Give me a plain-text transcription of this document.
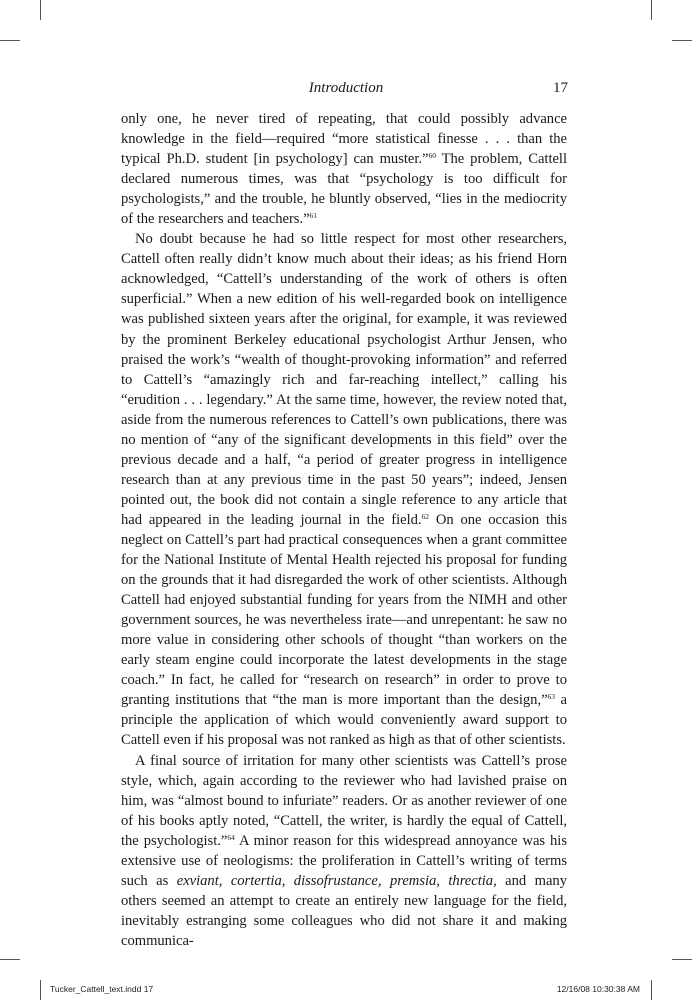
Introduction	17

only one, he never tired of repeating, that could possibly advance knowledge in the field—required “more statistical finesse . . . than the typical Ph.D. student [in psychology] can muster.”$^{60}$ The problem, Cattell declared numerous times, was that “psychology is too difficult for psychologists,” and the trouble, he bluntly observed, “lies in the mediocrity of the researchers and teachers.”$^{61}$

No doubt because he had so little respect for most other researchers, Cattell often really didn’t know much about their ideas; as his friend Horn acknowledged, “Cattell’s understanding of the work of others is often superficial.” When a new edition of his well-regarded book on intelligence was published sixteen years after the original, for example, it was reviewed by the prominent Berkeley educational psychologist Arthur Jensen, who praised the work’s “wealth of thought-provoking information” and referred to Cattell’s “amazingly rich and far-reaching intellect,” calling his “erudition . . . legendary.” At the same time, however, the review noted that, aside from the numerous references to Cattell’s own publications, there was no mention of “any of the significant developments in this field” over the previous decade and a half, “a period of greater progress in intelligence research than at any previous time in the past 50 years”; indeed, Jensen pointed out, the book did not contain a single reference to any article that had appeared in the leading journal in the field.$^{62}$ On one occasion this neglect on Cattell’s part had practical consequences when a grant committee for the National Institute of Mental Health rejected his proposal for funding on the grounds that it had disregarded the work of other scientists. Although Cattell had enjoyed substantial funding for years from the NIMH and other government sources, he was nevertheless irate—and unrepentant: he saw no more value in considering other schools of thought “than workers on the early steam engine could incorporate the latest developments in the stage coach.” In fact, he called for “research on research” in order to prove to granting institutions that “the man is more important than the design,”$^{63}$ a principle the application of which would conveniently award support to Cattell even if his proposal was not ranked as high as that of other scientists.

A final source of irritation for many other scientists was Cattell’s prose style, which, again according to the reviewer who had lavished praise on him, was “almost bound to infuriate” readers. Or as another reviewer of one of his books aptly noted, “Cattell, the writer, is hardly the equal of Cattell, the psychologist.”$^{64}$ A minor reason for this widespread annoyance was his extensive use of neologisms: the proliferation in Cattell’s writing of terms such as exviant, cortertia, dissofrustance, premsia, threctia, and many others seemed an attempt to create an entirely new language for the field, inevitably estranging some colleagues who did not share it and making communica-

Tucker_Cattell_text.indd 17	12/16/08 10:30:38 AM
